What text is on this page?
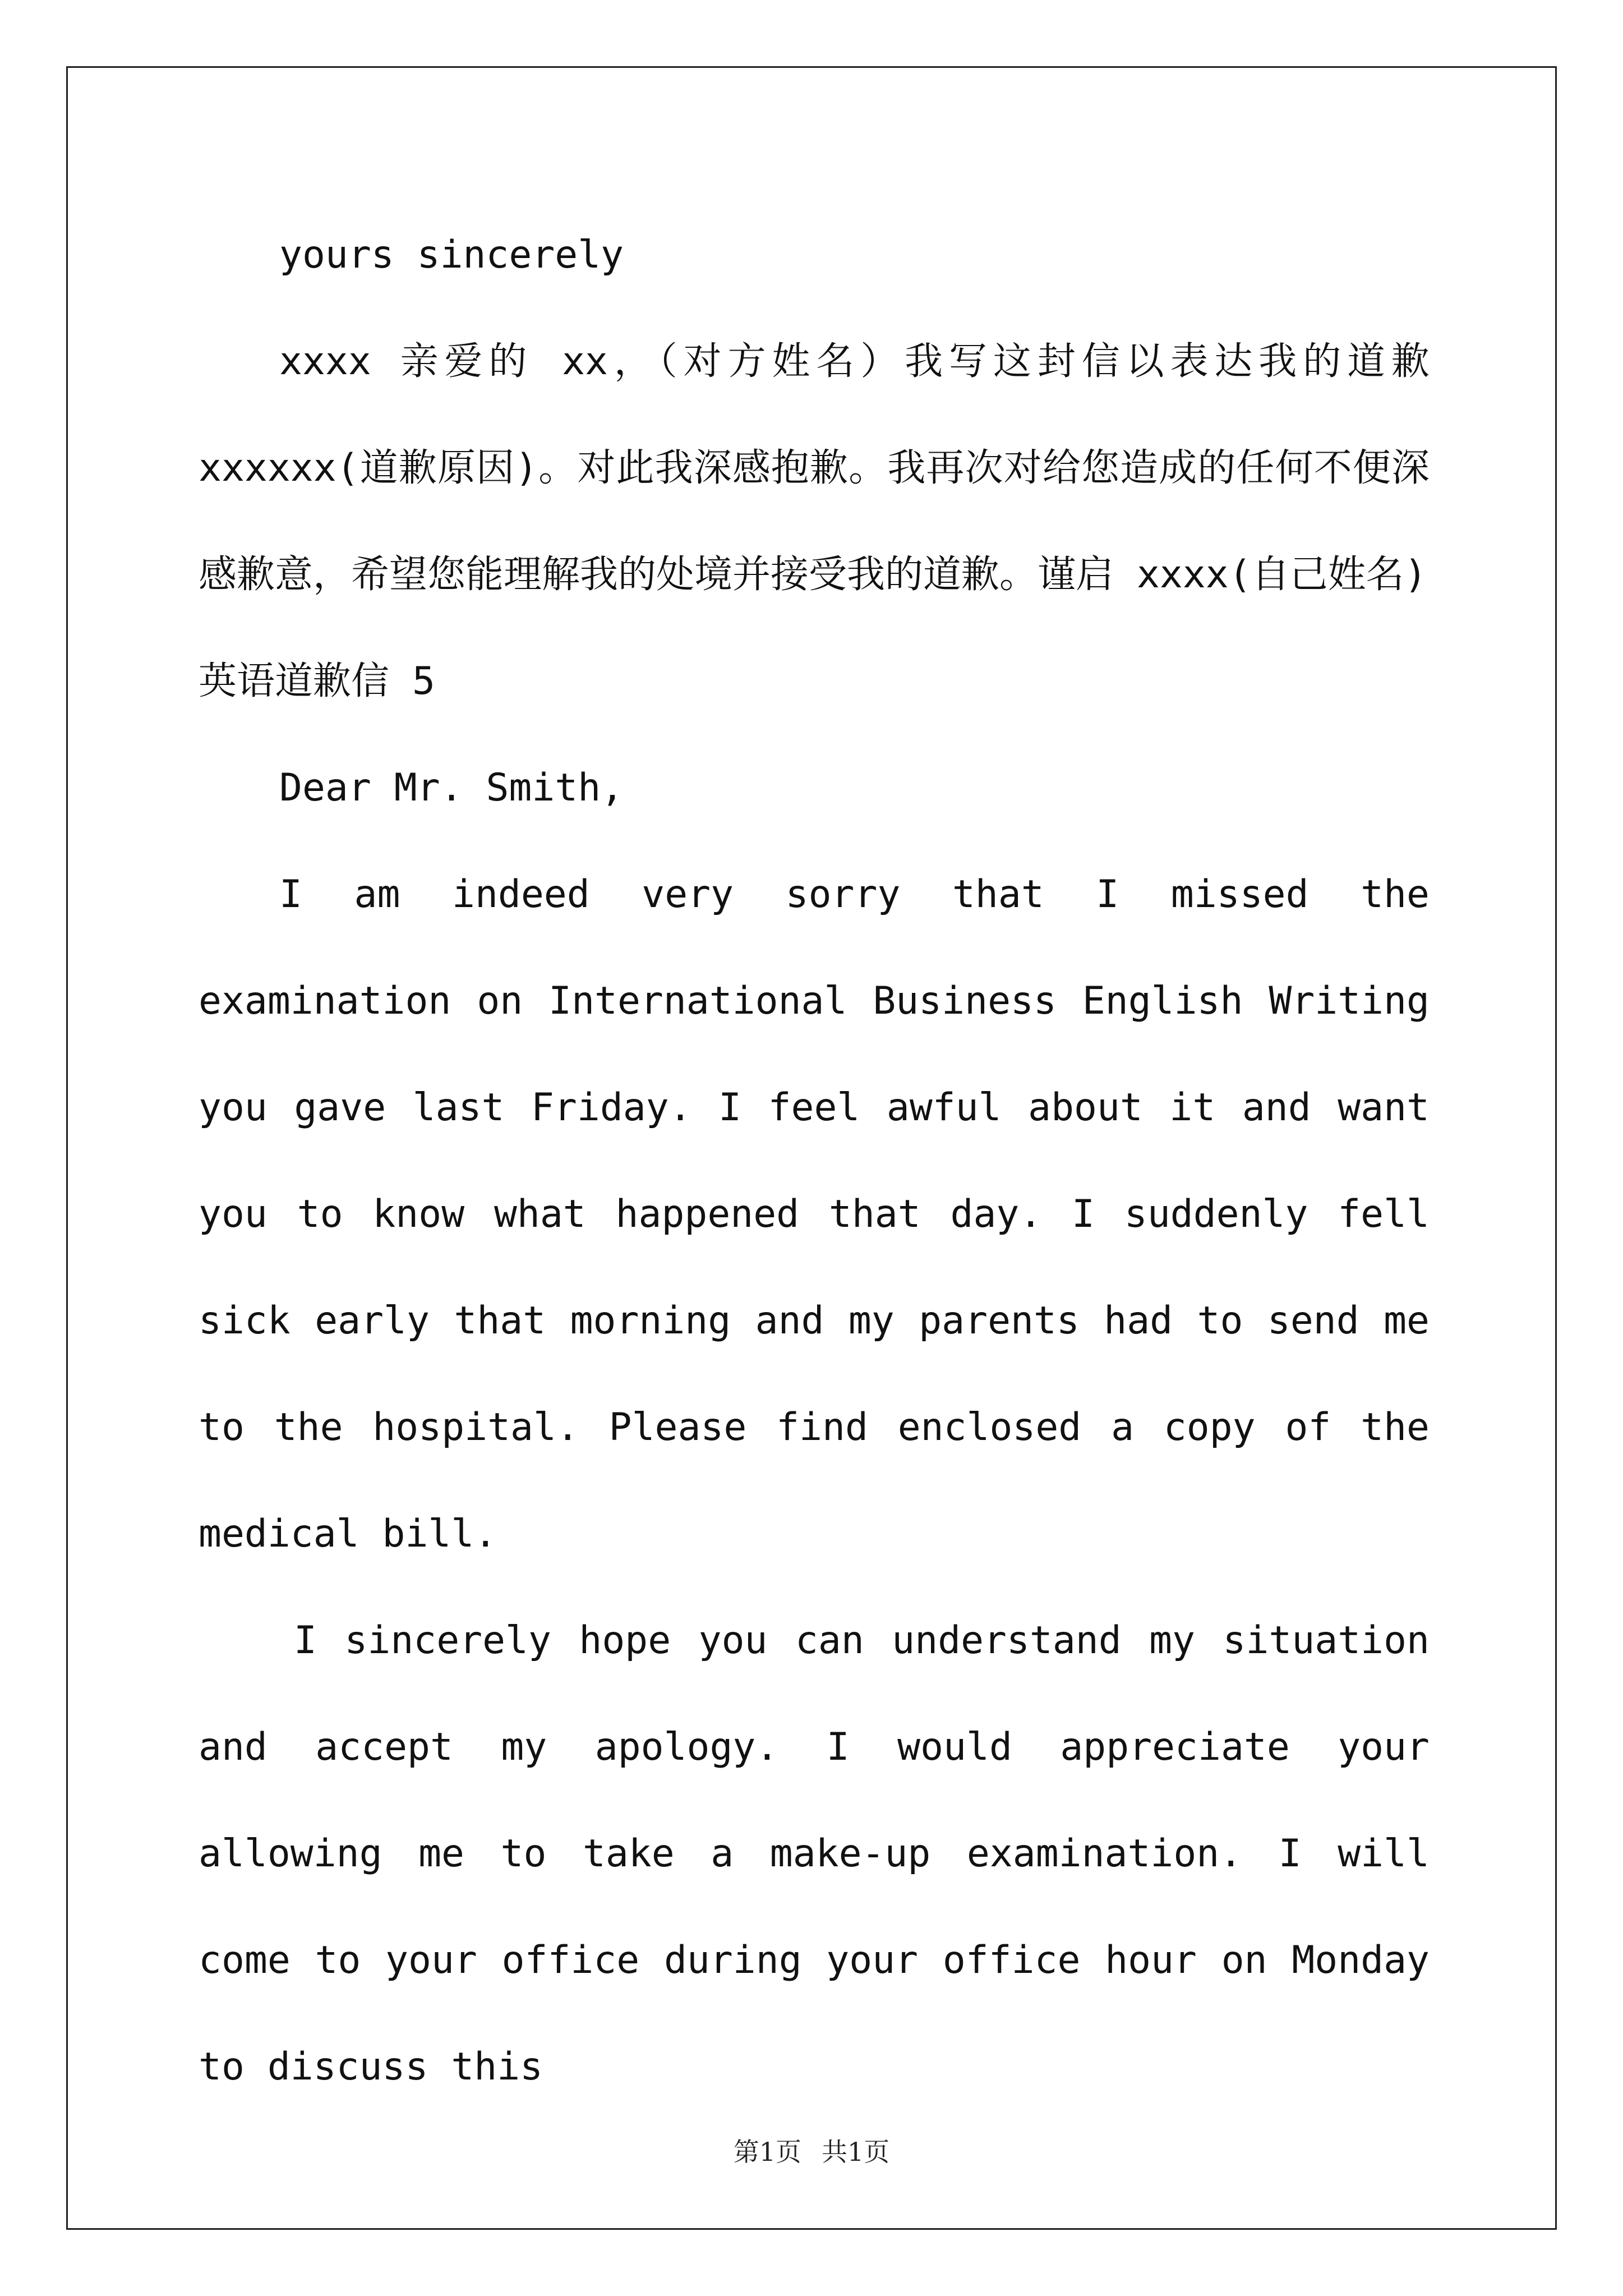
yours sincerely

xxxx 亲爱的 xx，（对方姓名）我写这封信以表达我的道歉xxxxxx(道歉原因)。对此我深感抱歉。我再次对给您造成的任何不便深感歉意，希望您能理解我的处境并接受我的道歉。谨启 xxxx(自己姓名)

英语道歉信 5

Dear Mr. Smith,

I am indeed very sorry that I missed the examination on International Business English Writing you gave last Friday. I feel awful about it and want you to know what happened that day. I suddenly fell sick early that morning and my parents had to send me to the hospital. Please find enclosed a copy of the medical bill.

I sincerely hope you can understand my situation and accept my apology. I would appreciate your allowing me to take a make-up examination. I will come to your office during your office hour on Monday to discuss this

第1页 共1页
